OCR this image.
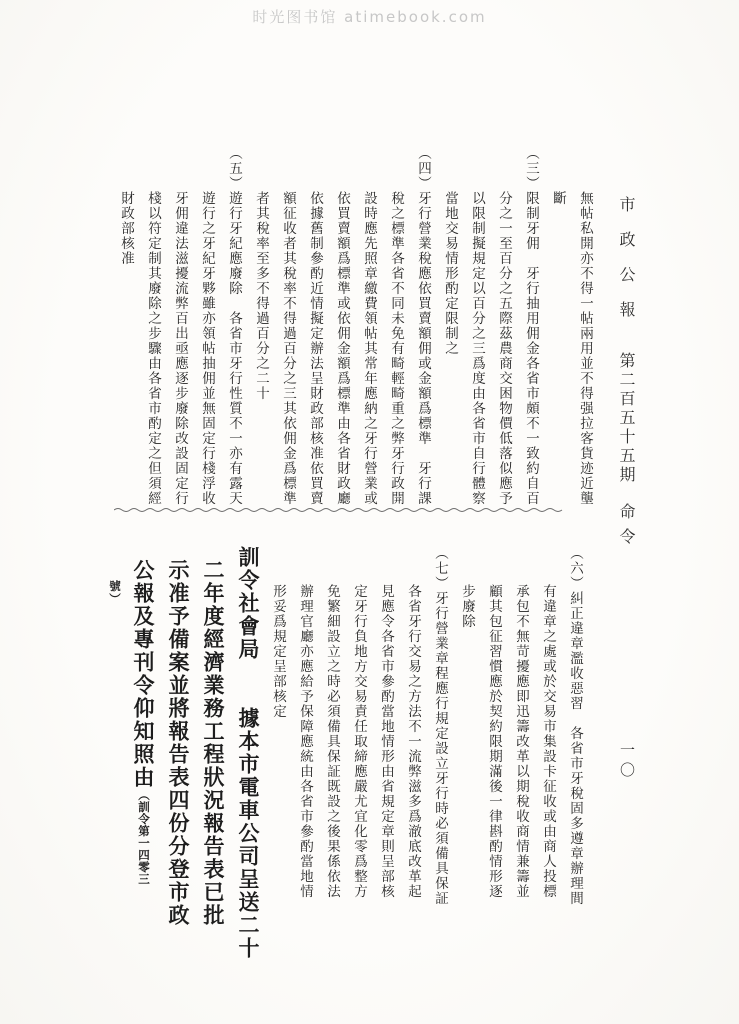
时光图书馆 atimebook.com
市政公報 第二百五十五期 命令
一〇
無帖私開亦不得一帖兩用並不得强拉客貨迹近壟
斷
（三）限制牙佣　牙行抽用佣金各省市頗不一致約自百
分之一至百分之五際茲農商交困物價低落似應予
以限制擬規定以百分之三爲度由各省市自行體察
當地交易情形酌定限制之
（四）牙行營業稅應依買賣額佣或金額爲標準　牙行課
稅之標準各省不同未免有畸輕畸重之弊牙行政開
設時應先照章繳費領帖其常年應納之牙行營業或
依買賣額爲標準或依佣金額爲標準由各省財政廳
依據舊制參酌近情擬定辦法呈財政部核准依買賣
額征收者其稅率不得過百分之三其依佣金爲標準
者其稅率至多不得過百分之二十
（五）遊行牙紀應廢除　各省市牙行性質不一亦有露天
遊行之牙紀牙夥雖亦領帖抽佣並無固定行棧浮收
牙佣違法滋擾流弊百出亟應逐步廢除改設固定行
棧以符定制其廢除之步驟由各省市酌定之但須經
財政部核准
（六）糾正違章濫收惡習　各省市牙稅固多遵章辦理間
有違章之處或於交易市集設卡征收或由商人投標
承包不無苛擾應即迅籌改革以期稅收商情兼籌並
顧其包征習慣應於契約限期滿後一律斟酌情形逐
步廢除
（七）牙行營業章程應行規定設立牙行時必須備具保証
各省牙行交易之方法不一流弊滋多爲澈底改革起
見應令各省市參酌當地情形由省規定章則呈部核
定牙行負地方交易責任取締應嚴尤宜化零爲整方
免繁細設立之時必須備具保証既設之後果係依法
辦理官廳亦應給予保障應統由各省市參酌當地情
形妥爲規定呈部核定
訓令社會局　　據本市電車公司呈送二十
二年度經濟業務工程狀況報告表已批
示准予備案並將報告表四份分登市政
公報及專刊令仰知照由（訓令第一四零三
號）
